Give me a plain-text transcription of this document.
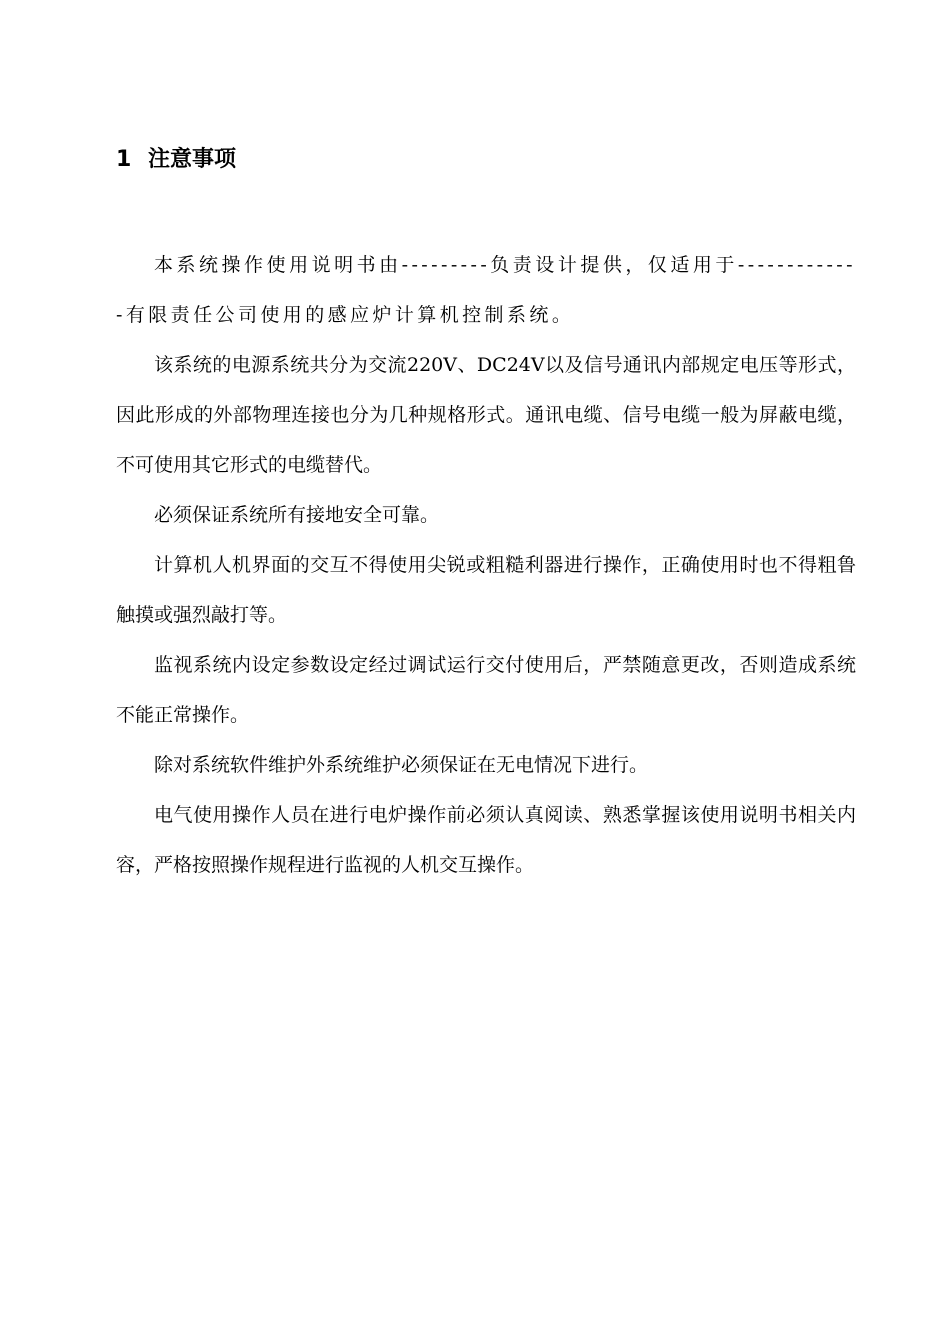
1 注意事项

本系统操作使用说明书由---------负责设计提供，仅适用于-------------有限责任公司使用的感应炉计算机控制系统。

该系统的电源系统共分为交流220V、DC24V以及信号通讯内部规定电压等形式，因此形成的外部物理连接也分为几种规格形式。通讯电缆、信号电缆一般为屏蔽电缆，不可使用其它形式的电缆替代。

必须保证系统所有接地安全可靠。

计算机人机界面的交互不得使用尖锐或粗糙利器进行操作，正确使用时也不得粗鲁触摸或强烈敲打等。

监视系统内设定参数设定经过调试运行交付使用后，严禁随意更改，否则造成系统不能正常操作。

除对系统软件维护外系统维护必须保证在无电情况下进行。

电气使用操作人员在进行电炉操作前必须认真阅读、熟悉掌握该使用说明书相关内容，严格按照操作规程进行监视的人机交互操作。
